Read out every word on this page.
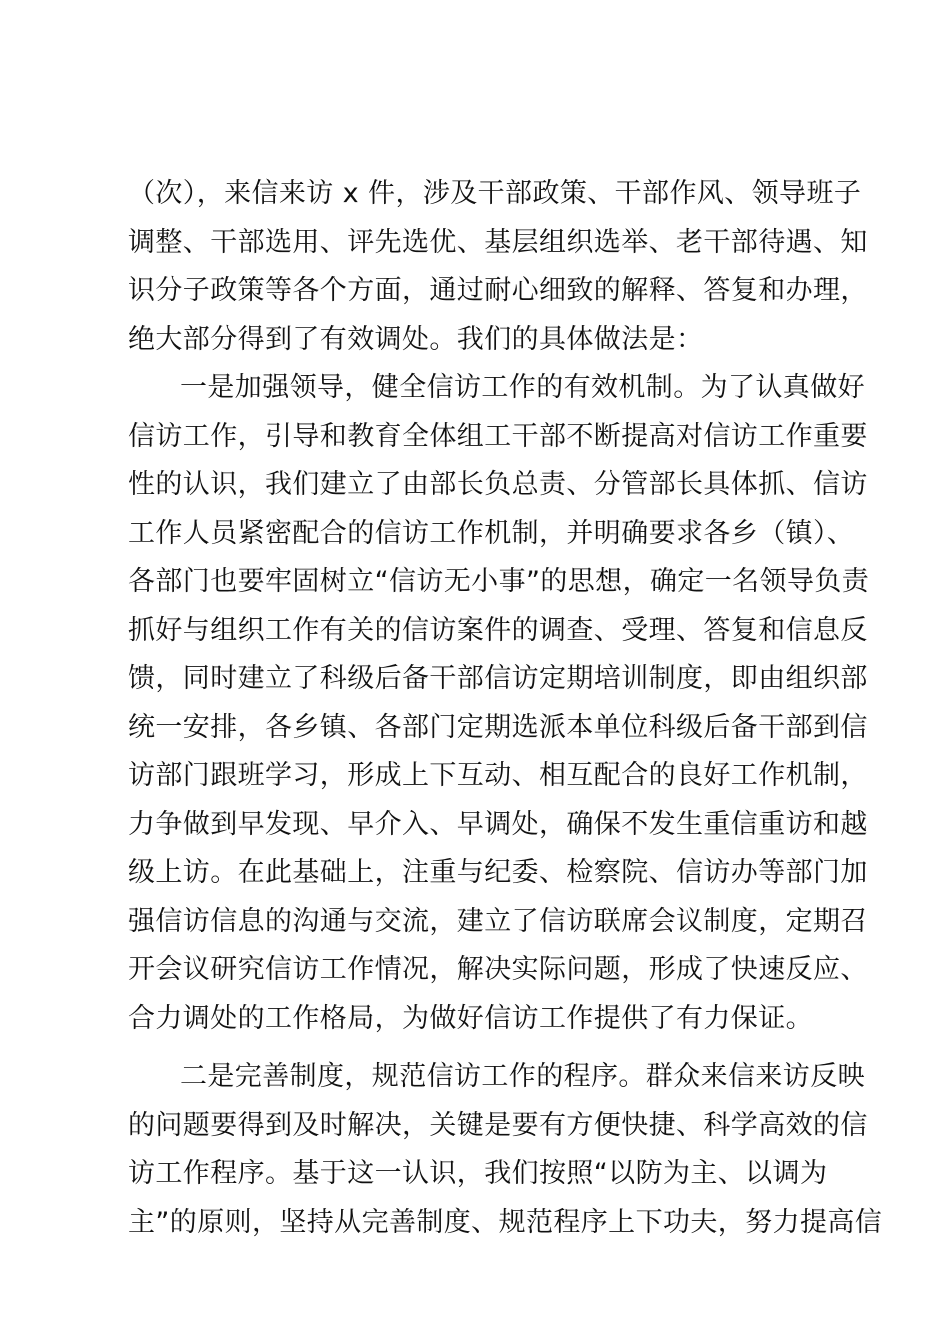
（次），来信来访 x 件，涉及干部政策、干部作风、领导班子
调整、干部选用、评先选优、基层组织选举、老干部待遇、知
识分子政策等各个方面，通过耐心细致的解释、答复和办理，
绝大部分得到了有效调处。我们的具体做法是：
一是加强领导，健全信访工作的有效机制。为了认真做好
信访工作，引导和教育全体组工干部不断提高对信访工作重要
性的认识，我们建立了由部长负总责、分管部长具体抓、信访
工作人员紧密配合的信访工作机制，并明确要求各乡（镇）、
各部门也要牢固树立“信访无小事”的思想，确定一名领导负责
抓好与组织工作有关的信访案件的调查、受理、答复和信息反
馈，同时建立了科级后备干部信访定期培训制度，即由组织部
统一安排，各乡镇、各部门定期选派本单位科级后备干部到信
访部门跟班学习，形成上下互动、相互配合的良好工作机制，
力争做到早发现、早介入、早调处，确保不发生重信重访和越
级上访。在此基础上，注重与纪委、检察院、信访办等部门加
强信访信息的沟通与交流，建立了信访联席会议制度，定期召
开会议研究信访工作情况，解决实际问题，形成了快速反应、
合力调处的工作格局，为做好信访工作提供了有力保证。
二是完善制度，规范信访工作的程序。群众来信来访反映
的问题要得到及时解决，关键是要有方便快捷、科学高效的信
访工作程序。基于这一认识，我们按照“以防为主、以调为
主”的原则，坚持从完善制度、规范程序上下功夫，努力提高信
